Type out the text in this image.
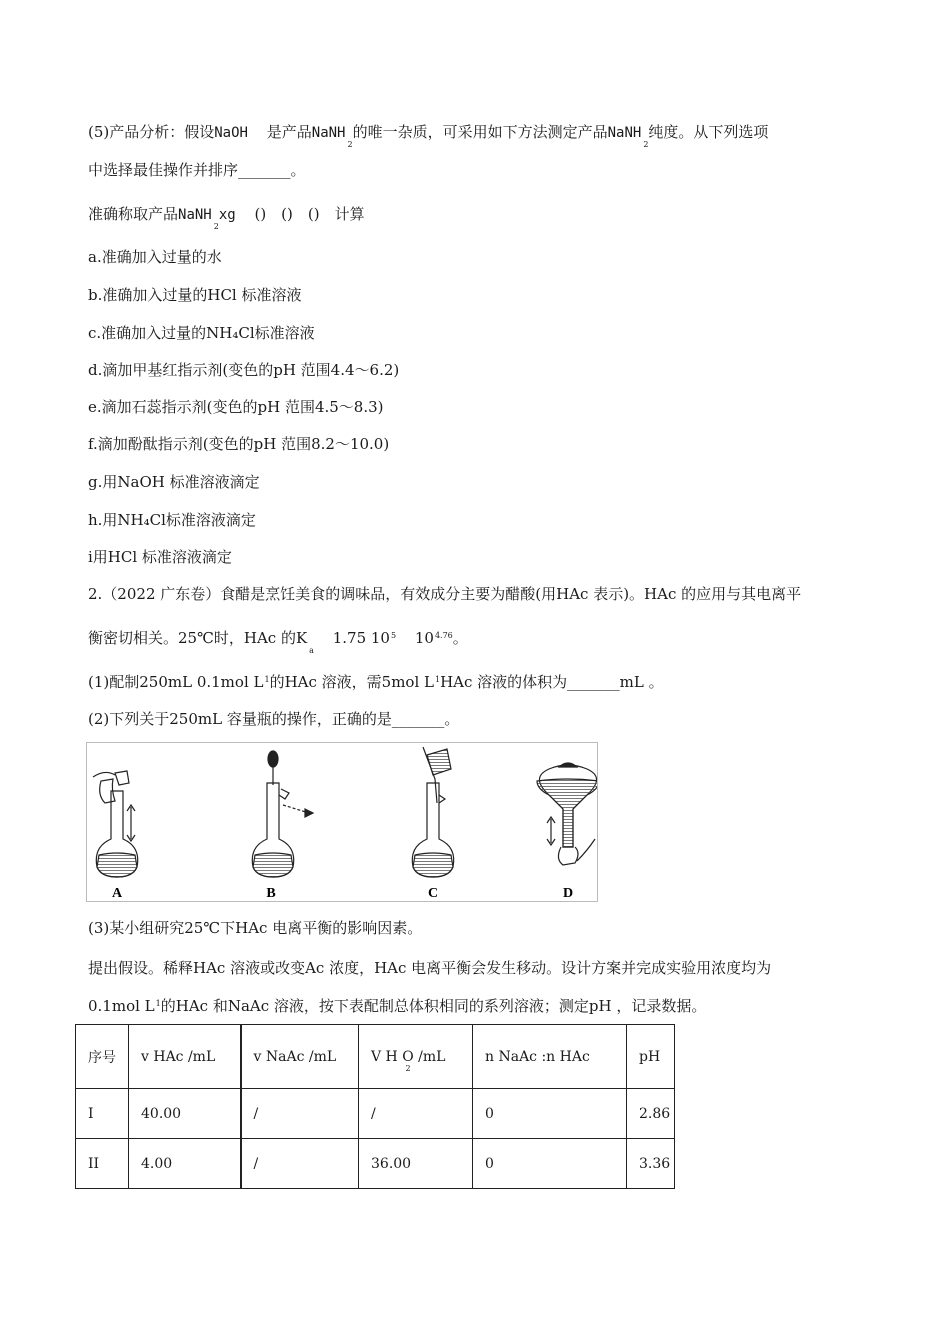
(5)产品分析：假设NaOH 是产品NaNH$_2$的唯一杂质，可采用如下方法测定产品NaNH$_2$纯度。从下列选项
中选择最佳操作并排序_______。
准确称取产品NaNH$_2$xg ()　()　()　计算
a.准确加入过量的水
b.准确加入过量的HCl 标准溶液
c.准确加入过量的NH₄Cl标准溶液
d.滴加甲基红指示剂(变色的pH 范围4.4～6.2)
e.滴加石蕊指示剂(变色的pH 范围4.5～8.3)
f.滴加酚酞指示剂(变色的pH 范围8.2～10.0)
g.用NaOH 标准溶液滴定
h.用NH₄Cl标准溶液滴定
i用HCl 标准溶液滴定
2.（2022 广东卷）食醋是烹饪美食的调味品，有效成分主要为醋酸(用HAc 表示)。HAc 的应用与其电离平
衡密切相关。25℃时，HAc 的$K_a$ 1.75 $10^5$ $10^{4.76}$。
(1)配制250mL 0.1mol $L^1$的HAc 溶液，需5mol $L^1HAc$ 溶液的体积为_______mL 。
(2)下列关于250mL 容量瓶的操作，正确的是_______。
A	B	C	D
(3)某小组研究25℃下HAc 电离平衡的影响因素。
提出假设。稀释HAc 溶液或改变Ac 浓度，HAc 电离平衡会发生移动。设计方案并完成实验用浓度均为
0.1mol $L^1$的HAc 和NaAc 溶液，按下表配制总体积相同的系列溶液；测定pH ，记录数据。
序号	v HAc /mL	v NaAc /mL	V H O $/mL_2$	n NaAc :n HAc	pH
I	40.00	/	/	0	2.86
II	4.00	/	36.00	0	3.36
